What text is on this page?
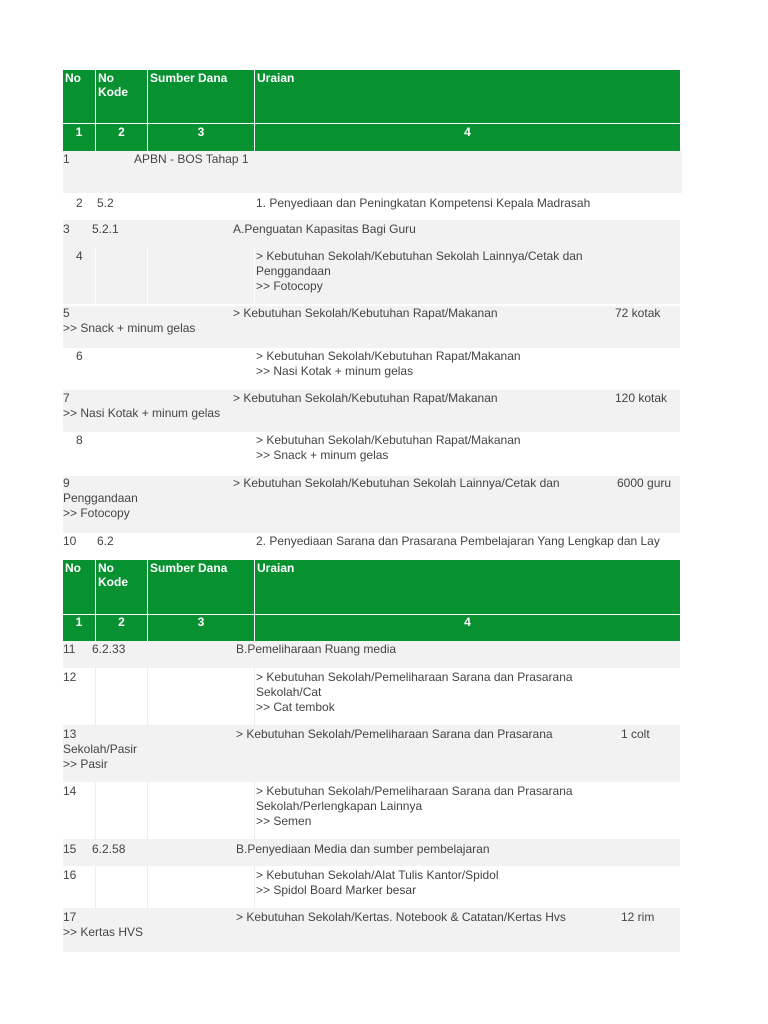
No	No
Kode
Sumber Dana	Uraian
1	2	3	4
1	APBN - BOS Tahap 1
2 5.2	1. Penyediaan dan Peningkatan Kompetensi Kepala Madrasah
3 5.2.1	A.Penguatan Kapasitas Bagi Guru
4	> Kebutuhan Sekolah/Kebutuhan Sekolah Lainnya/Cetak dan
Penggandaan
>> Fotocopy
5	> Kebutuhan Sekolah/Kebutuhan Rapat/Makanan	72 kotak
>> Snack + minum gelas
6	> Kebutuhan Sekolah/Kebutuhan Rapat/Makanan
>> Nasi Kotak + minum gelas
7	> Kebutuhan Sekolah/Kebutuhan Rapat/Makanan	120 kotak
>> Nasi Kotak + minum gelas
8	> Kebutuhan Sekolah/Kebutuhan Rapat/Makanan
>> Snack + minum gelas
9	> Kebutuhan Sekolah/Kebutuhan Sekolah Lainnya/Cetak dan	6000 guru
Penggandaan
>> Fotocopy
10 6.2	2. Penyediaan Sarana dan Prasarana Pembelajaran Yang Lengkap dan Lay
No	No
Kode
Sumber Dana	Uraian
1	2	3	4
11 6.2.33	B.Pemeliharaan Ruang media
12	> Kebutuhan Sekolah/Pemeliharaan Sarana dan Prasarana
Sekolah/Cat
>> Cat tembok
13	> Kebutuhan Sekolah/Pemeliharaan Sarana dan Prasarana	1 colt
Sekolah/Pasir
>> Pasir
14	> Kebutuhan Sekolah/Pemeliharaan Sarana dan Prasarana
Sekolah/Perlengkapan Lainnya
>> Semen
15 6.2.58	B.Penyediaan Media dan sumber pembelajaran
16	> Kebutuhan Sekolah/Alat Tulis Kantor/Spidol
>> Spidol Board Marker besar
17	> Kebutuhan Sekolah/Kertas. Notebook & Catatan/Kertas Hvs	12 rim
>> Kertas HVS
